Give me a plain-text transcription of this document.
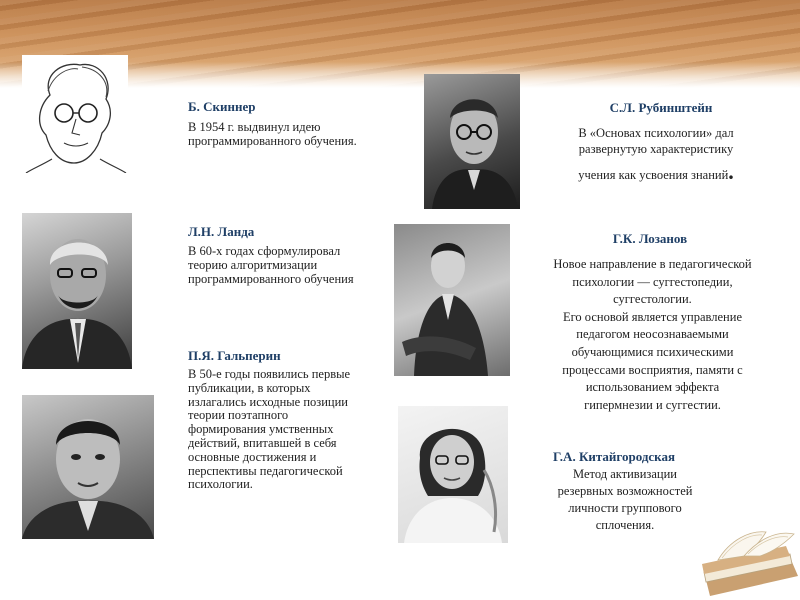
Б. Скиннер

В 1954 г. выдвинул идею
программированного обучения.

С.Л. Рубинштейн

В «Основах психологии» дал
развернутую характеристику
учения как усвоения знаний.

Л.Н. Ланда

В 60-х годах сформулировал
теорию алгоритмизации
программированного обучения

Г.К. Лозанов

Новое направление в педагогической
психологии — суггестопедии,
суггестологии.
Его основой является управление
педагогом неосознаваемыми
обучающимися психическими
процессами восприятия, памяти с
использованием эффекта
гипермнезии и суггестии.

П.Я. Гальперин

В 50-е годы появились первые
публикации, в которых
излагались исходные позиции
теории поэтапного
формирования умственных
действий, впитавшей в себя
основные достижения и
перспективы педагогической
психологии.

Г.А. Китайгородская

Метод активизации
резервных возможностей
личности группового
сплочения.
